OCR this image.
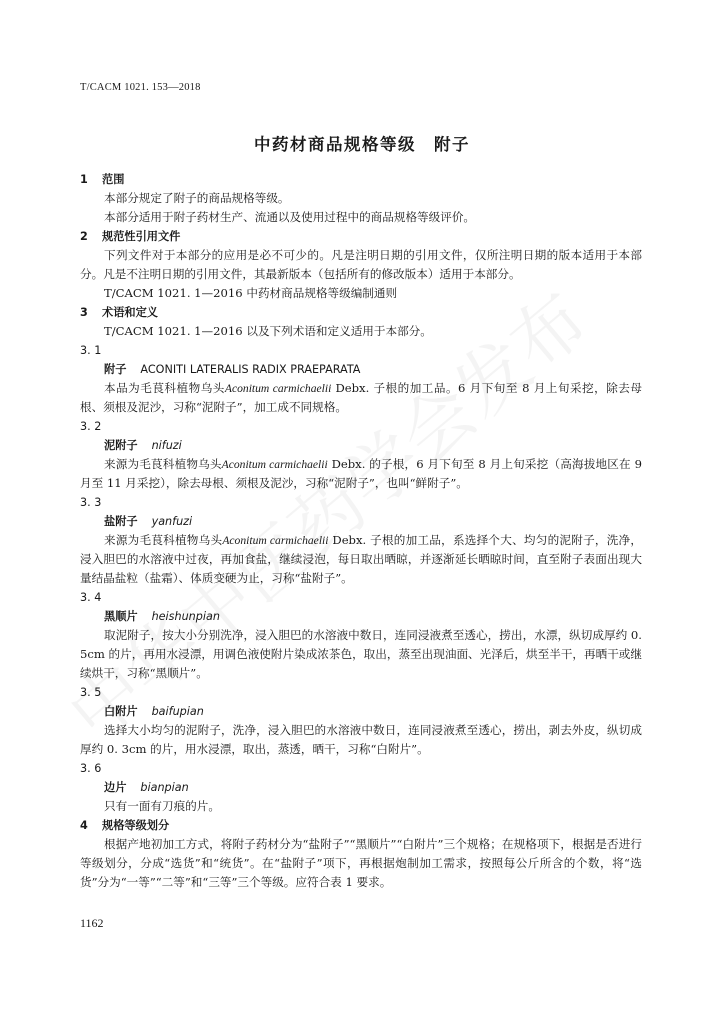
T/CACM 1021. 153—2018
中药材商品规格等级　附子
1 范围
本部分规定了附子的商品规格等级。
本部分适用于附子药材生产、流通以及使用过程中的商品规格等级评价。
2 规范性引用文件
下列文件对于本部分的应用是必不可少的。凡是注明日期的引用文件，仅所注明日期的版本适用于本部分。凡是不注明日期的引用文件，其最新版本（包括所有的修改版本）适用于本部分。
T/CACM 1021. 1—2016 中药材商品规格等级编制通则
3 术语和定义
T/CACM 1021. 1—2016 以及下列术语和定义适用于本部分。
3. 1
附子 ACONITI LATERALIS RADIX PRAEPARATA
本品为毛茛科植物乌头Aconitum carmichaelii Debx. 子根的加工品。6 月下旬至 8 月上旬采挖，除去母根、须根及泥沙，习称“泥附子”，加工成不同规格。
3. 2
泥附子 nifuzi
来源为毛茛科植物乌头Aconitum carmichaelii Debx. 的子根，6 月下旬至 8 月上旬采挖（高海拔地区在 9 月至 11 月采挖），除去母根、须根及泥沙，习称“泥附子”，也叫“鲜附子”。
3. 3
盐附子 yanfuzi
来源为毛茛科植物乌头Aconitum carmichaelii Debx. 子根的加工品，系选择个大、均匀的泥附子，洗净，浸入胆巴的水溶液中过夜，再加食盐，继续浸泡，每日取出晒晾，并逐渐延长晒晾时间，直至附子表面出现大量结晶盐粒（盐霜）、体质变硬为止，习称“盐附子”。
3. 4
黑顺片 heishunpian
取泥附子，按大小分别洗净，浸入胆巴的水溶液中数日，连同浸液煮至透心，捞出，水漂，纵切成厚约 0. 5cm 的片，再用水浸漂，用调色液使附片染成浓茶色，取出，蒸至出现油面、光泽后，烘至半干，再晒干或继续烘干，习称“黑顺片”。
3. 5
白附片 baifupian
选择大小均匀的泥附子，洗净，浸入胆巴的水溶液中数日，连同浸液煮至透心，捞出，剥去外皮，纵切成厚约 0. 3cm 的片，用水浸漂，取出，蒸透，晒干，习称“白附片”。
3. 6
边片 bianpian
只有一面有刀痕的片。
4 规格等级划分
根据产地初加工方式，将附子药材分为“盐附子”“黑顺片”“白附片”三个规格；在规格项下，根据是否进行等级划分，分成“选货”和“统货”。在“盐附子”项下，再根据炮制加工需求，按照每公斤所含的个数，将“选货”分为“一等”“二等”和“三等”三个等级。应符合表 1 要求。
1162
